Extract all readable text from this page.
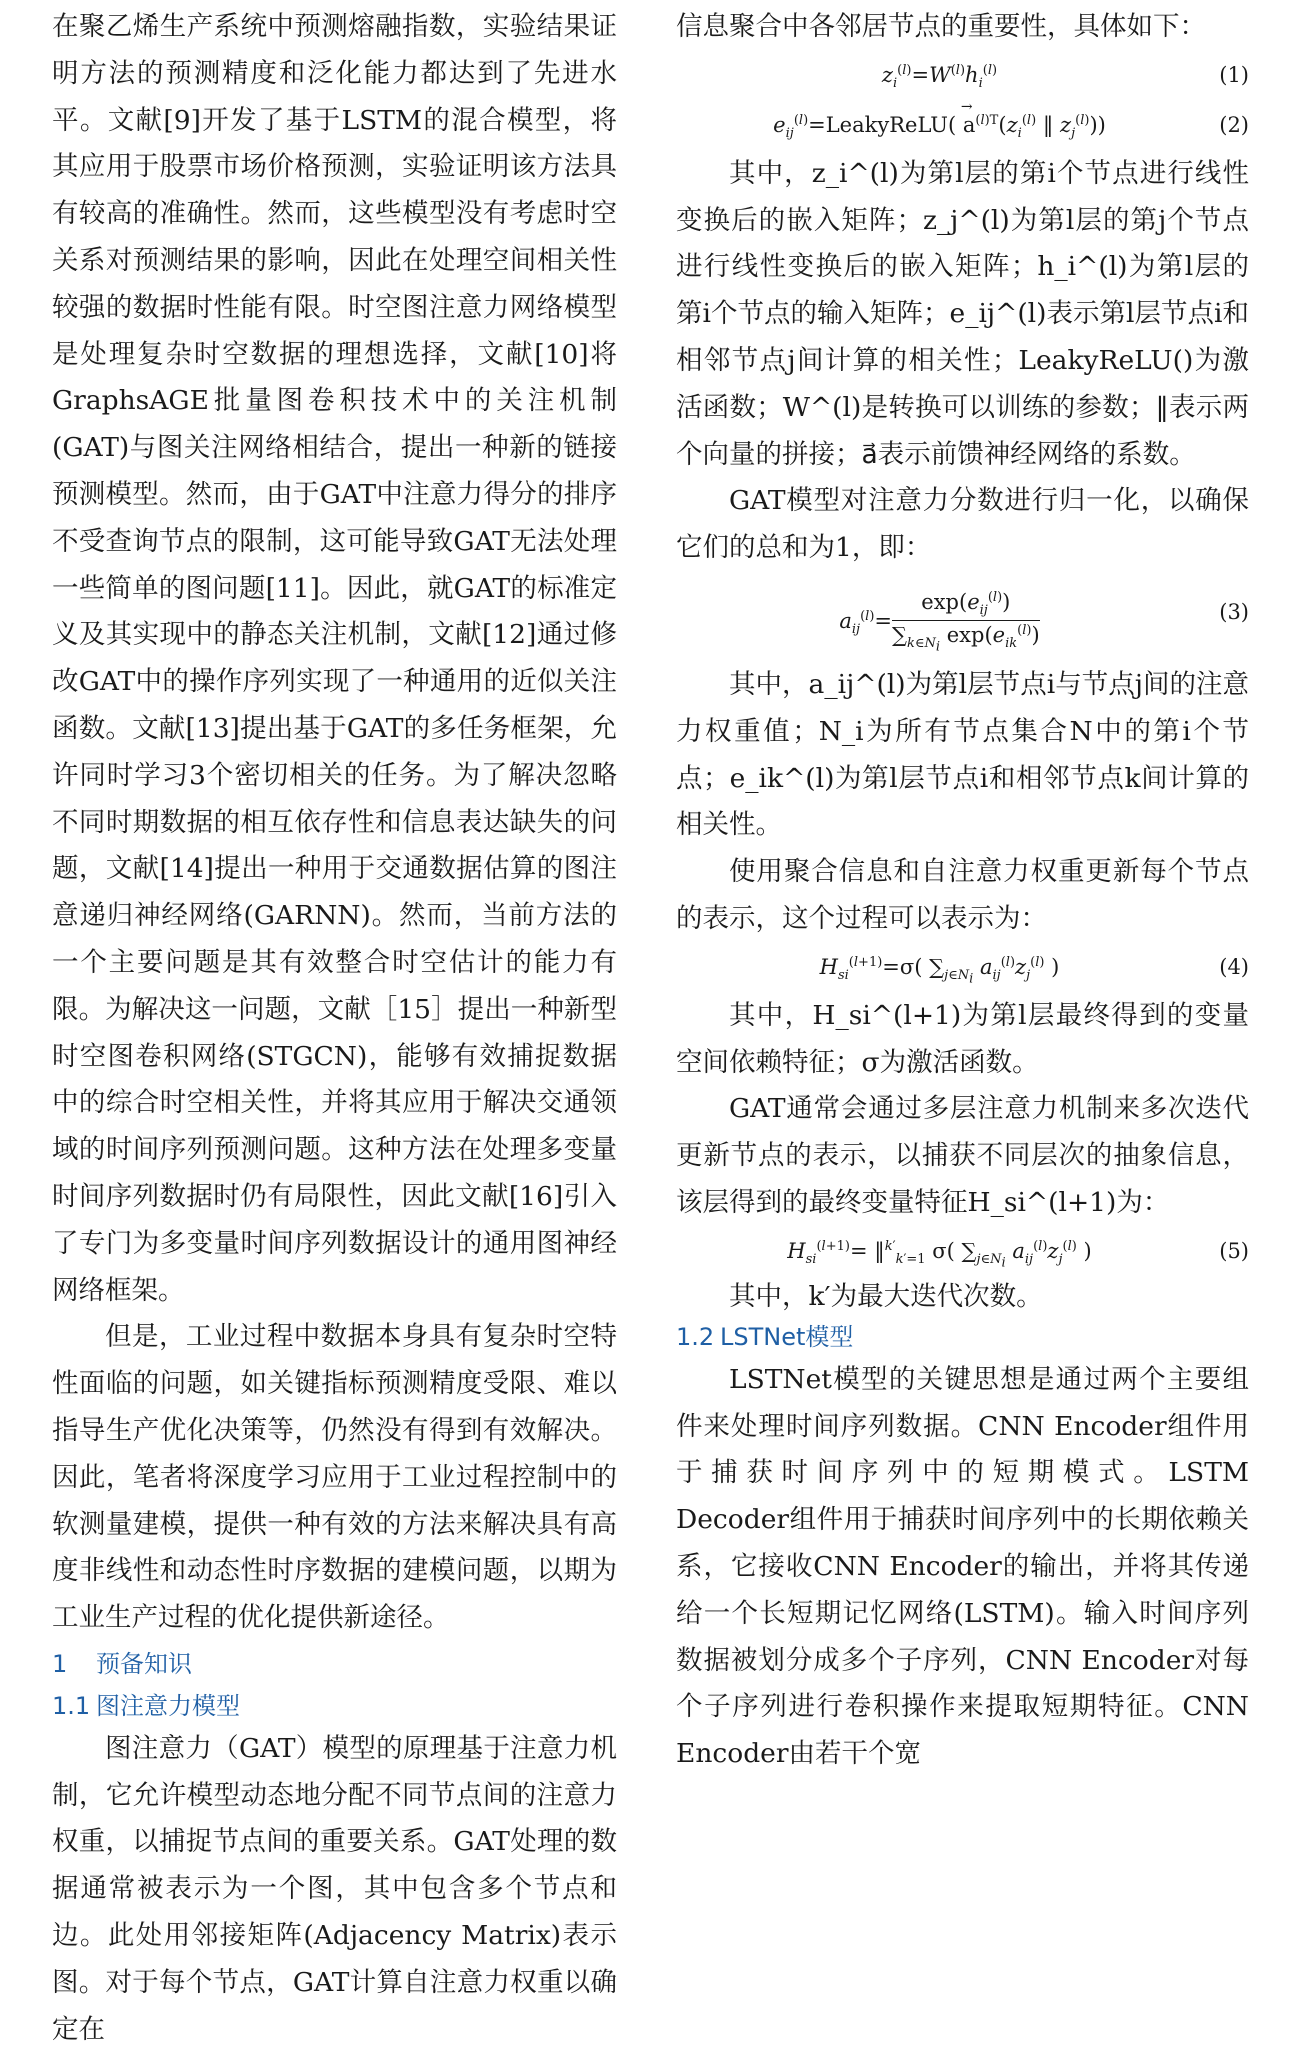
在聚乙烯生产系统中预测熔融指数，实验结果证明方法的预测精度和泛化能力都达到了先进水平。文献[9]开发了基于LSTM的混合模型，将其应用于股票市场价格预测，实验证明该方法具有较高的准确性。然而，这些模型没有考虑时空关系对预测结果的影响，因此在处理空间相关性较强的数据时性能有限。时空图注意力网络模型是处理复杂时空数据的理想选择，文献[10]将GraphsAGE批量图卷积技术中的关注机制(GAT)与图关注网络相结合，提出一种新的链接预测模型。然而，由于GAT中注意力得分的排序不受查询节点的限制，这可能导致GAT无法处理一些简单的图问题[11]。因此，就GAT的标准定义及其实现中的静态关注机制，文献[12]通过修改GAT中的操作序列实现了一种通用的近似关注函数。文献[13]提出基于GAT的多任务框架，允许同时学习3个密切相关的任务。为了解决忽略不同时期数据的相互依存性和信息表达缺失的问题，文献[14]提出一种用于交通数据估算的图注意递归神经网络(GARNN)。然而，当前方法的一个主要问题是其有效整合时空估计的能力有限。为解决这一问题，文献［15］提出一种新型时空图卷积网络(STGCN)，能够有效捕捉数据中的综合时空相关性，并将其应用于解决交通领域的时间序列预测问题。这种方法在处理多变量时间序列数据时仍有局限性，因此文献[16]引入了专门为多变量时间序列数据设计的通用图神经网络框架。

但是，工业过程中数据本身具有复杂时空特性面临的问题，如关键指标预测精度受限、难以指导生产优化决策等，仍然没有得到有效解决。因此，笔者将深度学习应用于工业过程控制中的软测量建模，提供一种有效的方法来解决具有高度非线性和动态性时序数据的建模问题，以期为工业生产过程的优化提供新途径。

1 预备知识
1.1 图注意力模型

图注意力（GAT）模型的原理基于注意力机制，它允许模型动态地分配不同节点间的注意力权重，以捕捉节点间的重要关系。GAT处理的数据通常被表示为一个图，其中包含多个节点和边。此处用邻接矩阵(Adjacency Matrix)表示图。对于每个节点，GAT计算自注意力权重以确定在

信息聚合中各邻居节点的重要性，具体如下：

$z_i^{(l)}=W^{(l)}h_i^{(l)}$	(1)
$e_{ij}^{(l)}=LeakyReLU$( a
→
$^{(l)T}(z_i^{(l)}$ ‖ $z_j^{(l)}$))	(2)

其中，z_i^(l)为第l层的第i个节点进行线性变换后的嵌入矩阵；z_j^(l)为第l层的第j个节点进行线性变换后的嵌入矩阵；h_i^(l)为第l层的第i个节点的输入矩阵；e_ij^(l)表示第l层节点i和相邻节点j间计算的相关性；LeakyReLU()为激活函数；W^(l)是转换可以训练的参数；‖表示两个向量的拼接；a⃗表示前馈神经网络的系数。

GAT模型对注意力分数进行归一化，以确保它们的总和为1，即：

$a_{ij}^{(l)}= \frac{\exp(e_{ij}^{(l)})}{\sum_{k\in N_i} \exp(e_{ik}^{(l)})}$	(3)

其中，a_ij^(l)为第l层节点i与节点j间的注意力权重值；N_i为所有节点集合N中的第i个节点；e_ik^(l)为第l层节点i和相邻节点k间计算的相关性。

使用聚合信息和自注意力权重更新每个节点的表示，这个过程可以表示为：

$H_{si}^{(l+1)}=\sigma$( $\sum_{j\in N_i}$ $a_{ij}^{(l)}z_j^{(l)}$ )	(4)

其中，H_si^(l+1)为第l层最终得到的变量空间依赖特征；σ为激活函数。

GAT通常会通过多层注意力机制来多次迭代更新节点的表示，以捕获不同层次的抽象信息，该层得到的最终变量特征H_si^(l+1)为：

$H_{si}^{(l+1)}=$ ‖$^{k'}_{k'=1}$ σ( $\sum_{j\in N_i}$ $a_{ij}^{(l)}z_j^{(l)}$ )	(5)

其中，k′为最大迭代次数。

1.2 LSTNet模型

LSTNet模型的关键思想是通过两个主要组件来处理时间序列数据。CNN Encoder组件用于捕获时间序列中的短期模式。LSTM Decoder组件用于捕获时间序列中的长期依赖关系，它接收CNN Encoder的输出，并将其传递给一个长短期记忆网络(LSTM)。输入时间序列数据被划分成多个子序列，CNN Encoder对每个子序列进行卷积操作来提取短期特征。CNN Encoder由若干个宽
